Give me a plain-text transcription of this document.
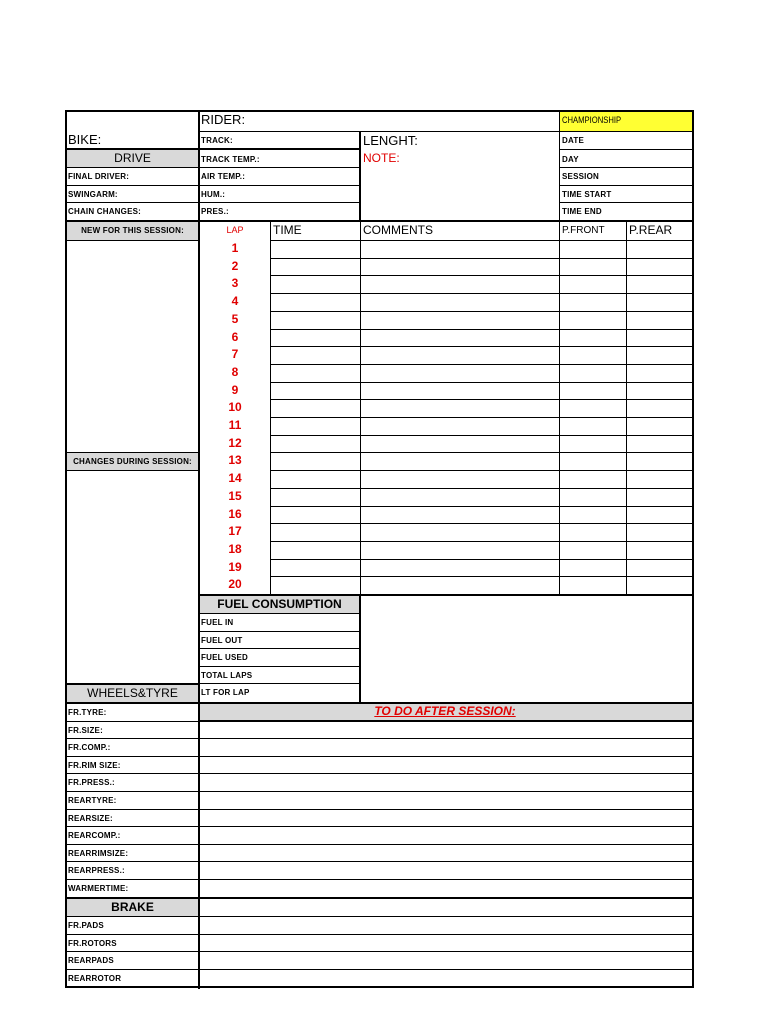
RIDER:	CHAMPIONSHIP
BIKE:	TRACK:	LENGHT:	DATE
DRIVE	TRACK TEMP.:	NOTE:	DAY
FINAL DRIVER:	AIR TEMP.:	SESSION
SWINGARM:	HUM.:	TIME START
CHAIN CHANGES:	PRES.:	TIME END
NEW FOR THIS SESSION:	LAP	TIME	COMMENTS	P.FRONT P.REAR
1
2
3
4
5
6
7
8
9
10
11
12
13
14
15
16
17
18
19
20
CHANGES DURING SESSION:
FUEL CONSUMPTION
FUEL IN
FUEL OUT
FUEL USED
TOTAL LAPS
LT FOR LAP
WHEELS&TYRE
TO DO AFTER SESSION:
FR.TYRE:
FR.SIZE:
FR.COMP.:
FR.RIM SIZE:
FR.PRESS.:
REARTYRE:
REARSIZE:
REARCOMP.:
REARRIMSIZE:
REARPRESS.:
WARMERTIME:
BRAKE
FR.PADS
FR.ROTORS
REARPADS
REARROTOR
